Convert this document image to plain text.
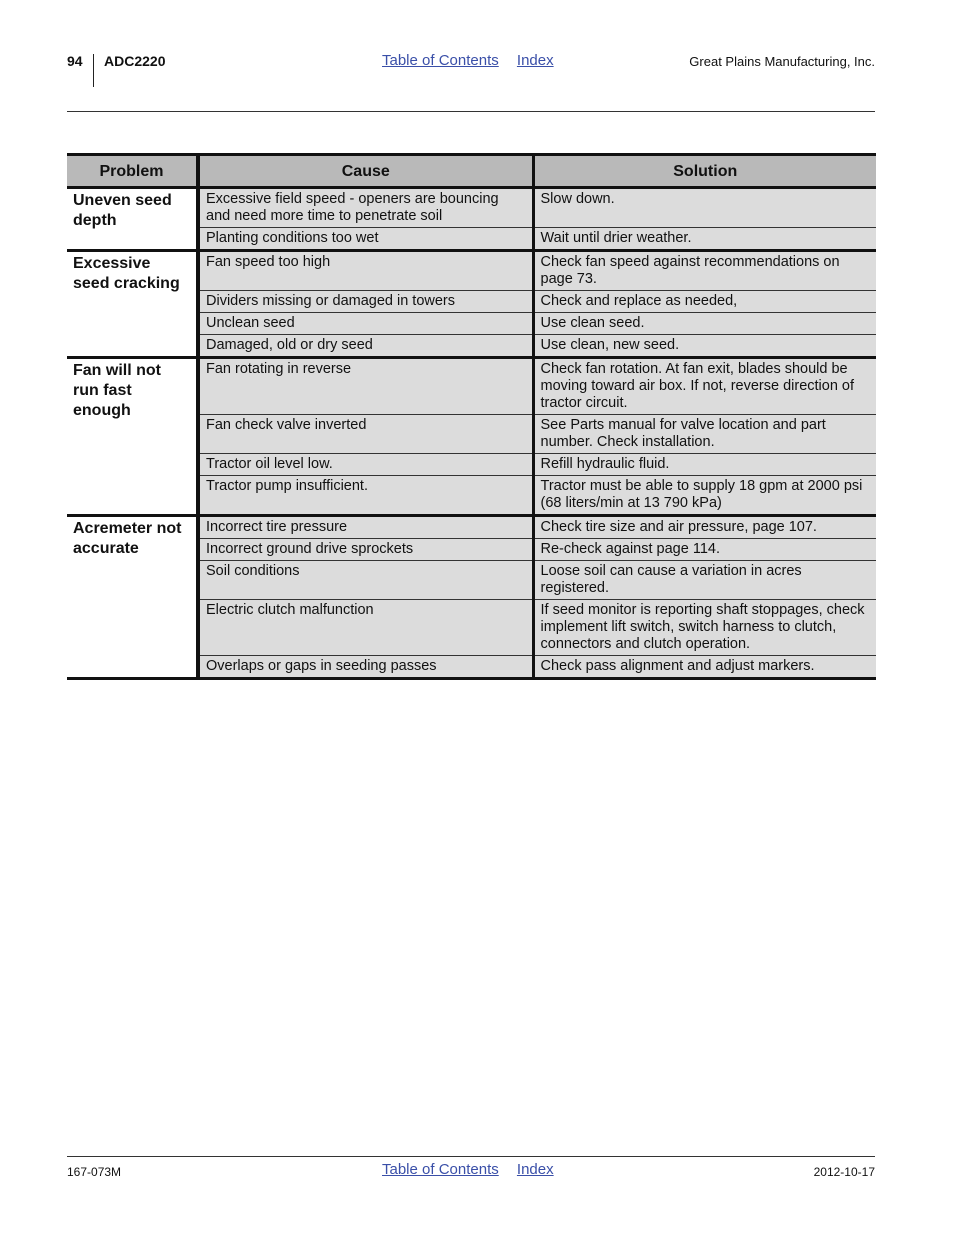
94 ADC2220	Table of Contents Index	Great Plains Manufacturing, Inc.
Problem	Cause	Solution
Uneven seed depth	Excessive field speed - openers are bouncing and need more time to penetrate soil	Slow down.
	Planting conditions too wet	Wait until drier weather.
Excessive seed cracking	Fan speed too high	Check fan speed against recommendations on page 73.
	Dividers missing or damaged in towers	Check and replace as needed,
	Unclean seed	Use clean seed.
	Damaged, old or dry seed	Use clean, new seed.
Fan will not run fast enough	Fan rotating in reverse	Check fan rotation. At fan exit, blades should be moving toward air box. If not, reverse direction of tractor circuit.
	Fan check valve inverted	See Parts manual for valve location and part number. Check installation.
	Tractor oil level low.	Refill hydraulic fluid.
	Tractor pump insufficient.	Tractor must be able to supply 18 gpm at 2000 psi (68 liters/min at 13 790 kPa)
Acremeter not accurate	Incorrect tire pressure	Check tire size and air pressure, page 107.
	Incorrect ground drive sprockets	Re-check against page 114.
	Soil conditions	Loose soil can cause a variation in acres registered.
	Electric clutch malfunction	If seed monitor is reporting shaft stoppages, check implement lift switch, switch harness to clutch, connectors and clutch operation.
	Overlaps or gaps in seeding passes	Check pass alignment and adjust markers.
167-073M	Table of Contents Index	2012-10-17
